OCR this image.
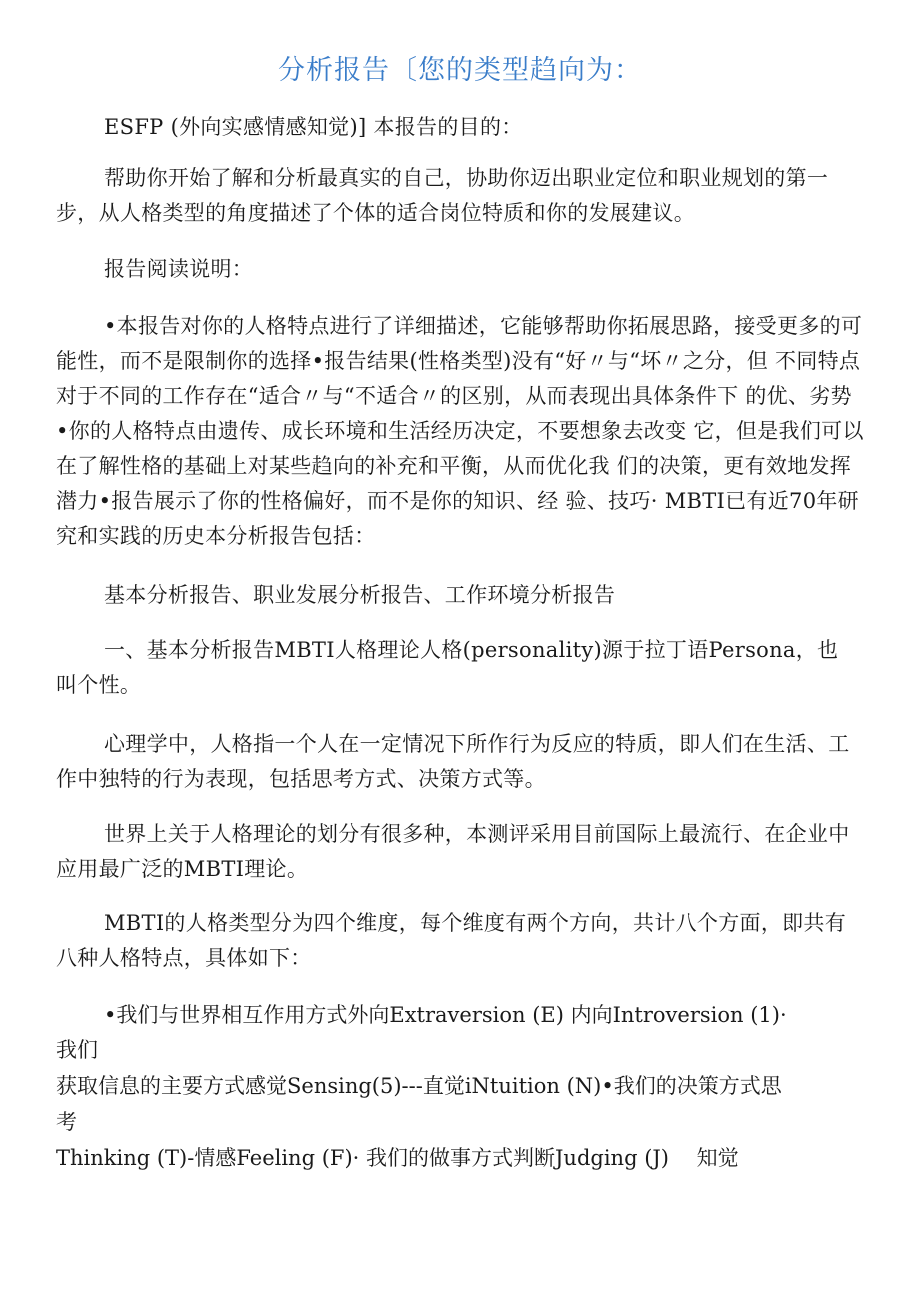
分析报告〔您的类型趋向为：
ESFP (外向实感情感知觉)] 本报告的目的：
帮助你开始了解和分析最真实的自己，协助你迈出职业定位和职业规划的第一步，从人格类型的角度描述了个体的适合岗位特质和你的发展建议。
报告阅读说明：
•本报告对你的人格特点进行了详细描述，它能够帮助你拓展思路，接受更多的可能性，而不是限制你的选择•报告结果(性格类型)没有“好〃与“坏〃之分，但 不同特点对于不同的工作存在“适合〃与“不适合〃的区别，从而表现出具体条件下 的优、劣势•你的人格特点由遗传、成长环境和生活经历决定，不要想象去改变 它，但是我们可以在了解性格的基础上对某些趋向的补充和平衡，从而优化我 们的决策，更有效地发挥潜力•报告展示了你的性格偏好，而不是你的知识、经 验、技巧· MBTI已有近70年研究和实践的历史本分析报告包括：
基本分析报告、职业发展分析报告、工作环境分析报告
一、基本分析报告MBTI人格理论人格(personality)源于拉丁语Persona，也 叫个性。
心理学中，人格指一个人在一定情况下所作行为反应的特质，即人们在生活、工作中独特的行为表现，包括思考方式、决策方式等。
世界上关于人格理论的划分有很多种，本测评采用目前国际上最流行、在企业中应用最广泛的MBTI理论。
MBTI的人格类型分为四个维度，每个维度有两个方向，共计八个方面，即共有八种人格特点，具体如下：
•我们与世界相互作用方式外向Extraversion (E) 内向Introversion (1)·
我们
获取信息的主要方式感觉Sensing(5)---直觉iNtuition (N)•我们的决策方式思
考
Thinking (T)-情感Feeling (F)· 我们的做事方式判断Judging (J)　 知觉
